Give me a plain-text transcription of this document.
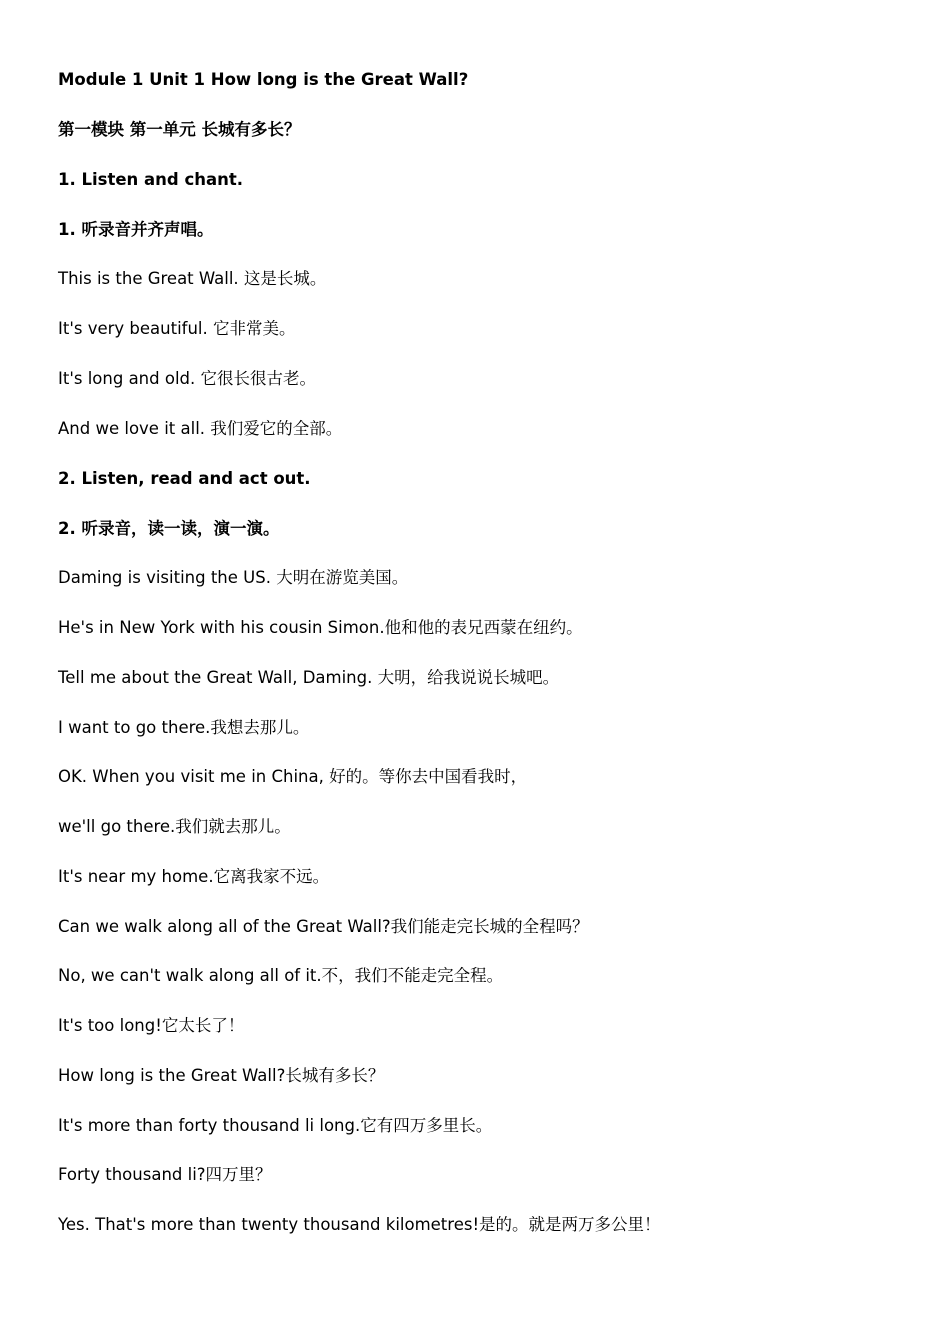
Module 1 Unit 1 How long is the Great Wall?
第一模块 第一单元 长城有多长？
1. Listen and chant.
1. 听录音并齐声唱。
This is the Great Wall. 这是长城。
It's very beautiful. 它非常美。
It's long and old. 它很长很古老。
And we love it all. 我们爱它的全部。
2. Listen, read and act out.
2. 听录音，读一读，演一演。
Daming is visiting the US. 大明在游览美国。
He's in New York with his cousin Simon.他和他的表兄西蒙在纽约。
Tell me about the Great Wall, Daming. 大明，给我说说长城吧。
I want to go there.我想去那儿。
OK. When you visit me in China, 好的。等你去中国看我时，
we'll go there.我们就去那儿。
It's near my home.它离我家不远。
Can we walk along all of the Great Wall?我们能走完长城的全程吗？
No, we can't walk along all of it.不，我们不能走完全程。
It's too long!它太长了！
How long is the Great Wall?长城有多长？
It's more than forty thousand li long.它有四万多里长。
Forty thousand li?四万里？
Yes. That's more than twenty thousand kilometres!是的。就是两万多公里！
